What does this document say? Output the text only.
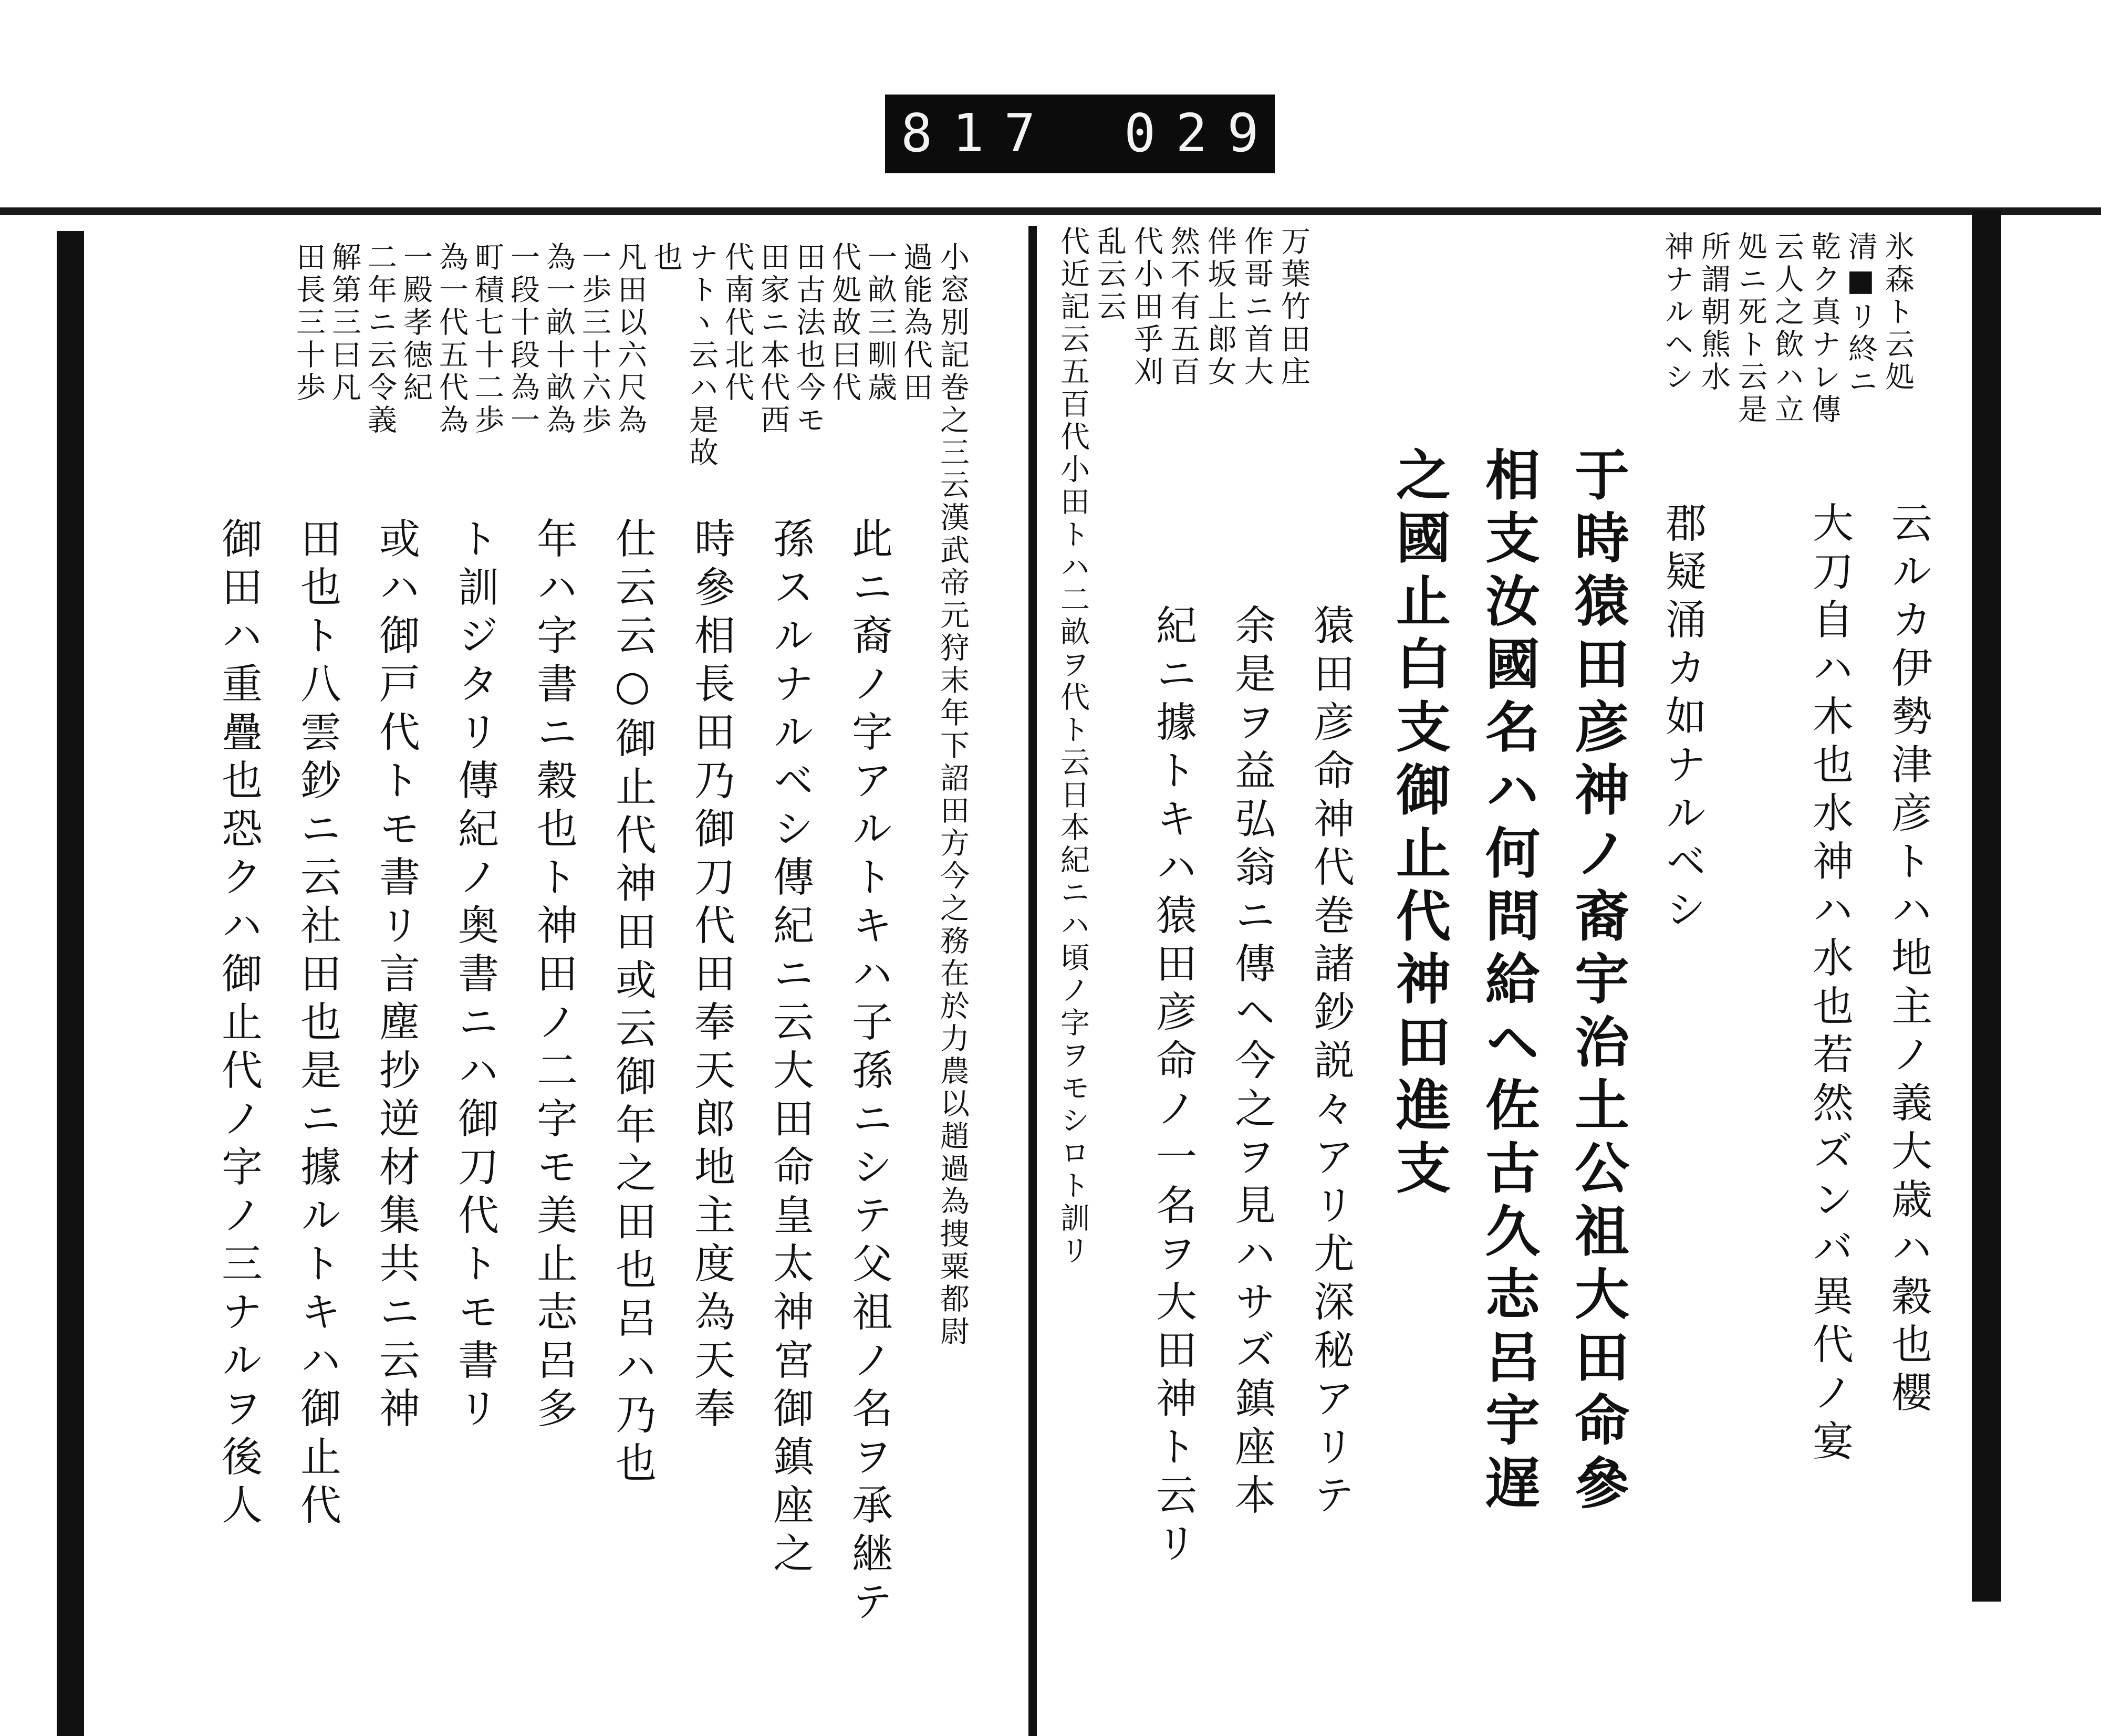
817 029
小窓別記巻之三云漢武帝元狩末年下詔田方今之務在於力農以趙過為捜粟都尉
過能為代田
一畝三甽歳
代処故曰代
田古法也今モ
田家ニ本代西
代南代北代
ナトヽ云ハ是故
也
凡田以六尺為
一歩三十六歩
為一畝十畝為
一段十段為一
町積七十二歩
為一代五代為
一殿孝徳紀
二年ニ云令義
解第三曰凡
田長三十歩
此ニ裔ノ字アルトキハ子孫ニシテ父祖ノ名ヲ承継テ
孫スルナルベシ傳紀ニ云大田命皇太神宮御鎮座之
時參相長田乃御刀代田奉天郎地主度為天奉
仕云云○御止代神田或云御年之田也呂ハ乃也
年ハ字書ニ穀也ト神田ノ二字モ美止志呂多
ト訓ジタリ傳紀ノ奥書ニハ御刀代トモ書リ
或ハ御戸代トモ書リ言塵抄逆材集共ニ云神
田也ト八雲鈔ニ云社田也是ニ據ルトキハ御止代
御田ハ重疊也恐クハ御止代ノ字ノ三ナルヲ後人
氷森ト云処
清■リ終ニ
乾ク真ナレ傳
云人之飲ハ立
処ニ死ト云是
所謂朝熊水
神ナルヘシ
云ルカ伊勢津彦トハ地主ノ義大歳ハ穀也櫻
大刀自ハ木也水神ハ水也若然ズンバ異代ノ宴
郡疑涌カ如ナルベシ
于時猿田彦神ノ裔宇治土公祖大田命參
相支汝國名ハ何問給ヘ佐古久志呂宇遅
之國止白支御止代神田進支
猿田彦命神代巻諸鈔説々アリ尤深秘アリテ
余是ヲ益弘翁ニ傳ヘ今之ヲ見ハサズ鎮座本
紀ニ據トキハ猿田彦命ノ一名ヲ大田神ト云リ
万葉竹田庄
作哥ニ首大
伴坂上郎女
然不有五百
代小田乎刈
乱云云
代近記云五百代小田トハ二畝ヲ代ト云日本紀ニハ頃ノ字ヲモシロト訓リ
